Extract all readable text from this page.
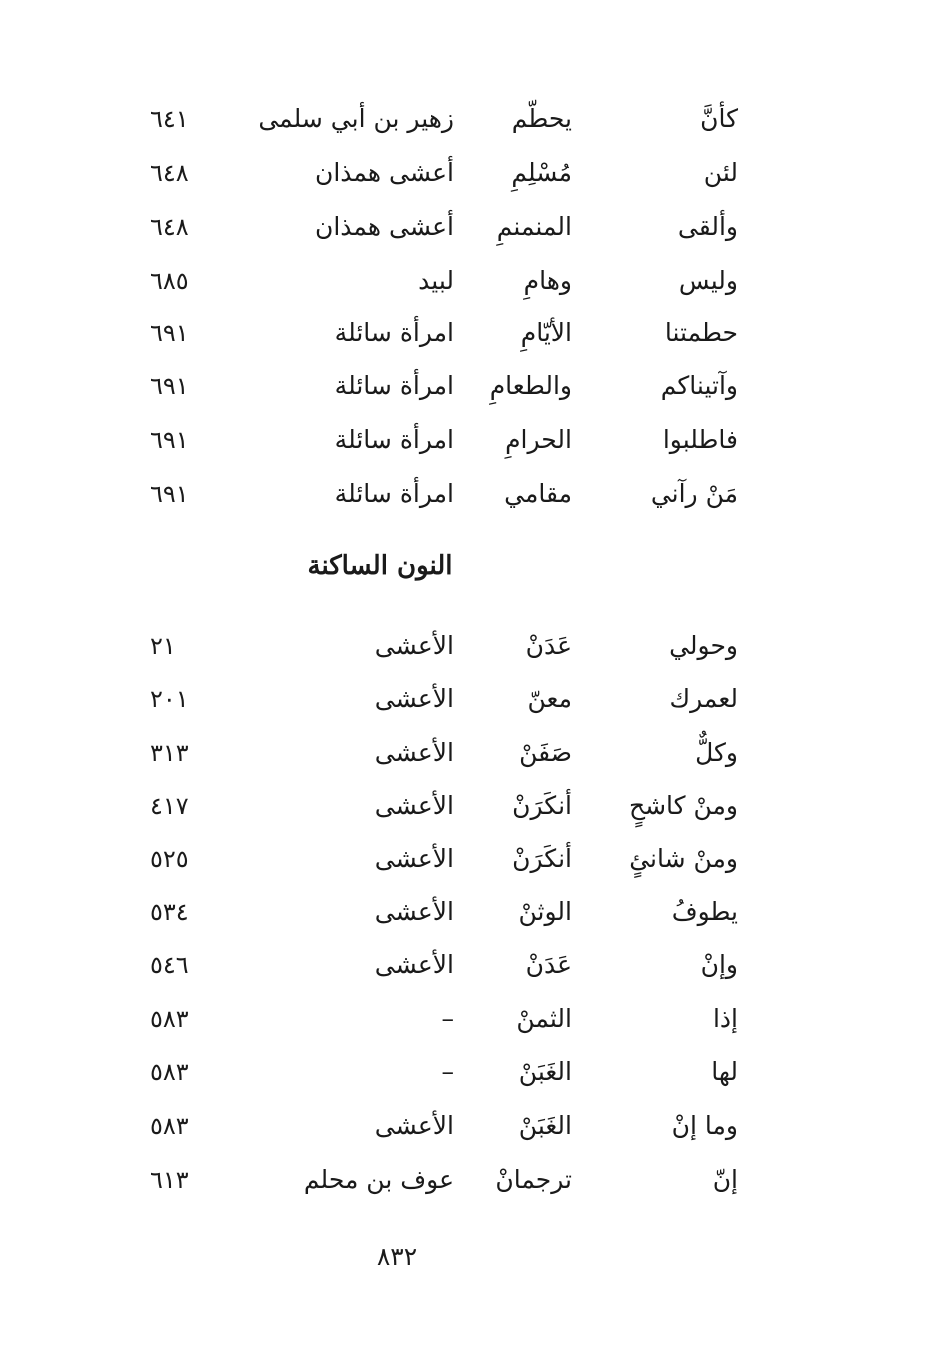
كأنَّ
يحطّم
زهير بن أبي سلمى
٦٤١
لئن
مُسْلِمِ
أعشى همذان
٦٤٨
وألقى
المنمنمِ
أعشى همذان
٦٤٨
وليس
وهامِ
لبيد
٦٨٥
حطمتنا
الأيّامِ
امرأة سائلة
٦٩١
وآتيناكم
والطعامِ
امرأة سائلة
٦٩١
فاطلبوا
الحرامِ
امرأة سائلة
٦٩١
مَنْ رآني
مقامي
امرأة سائلة
٦٩١
النون الساكنة
وحولي
عَدَنْ
الأعشى
٢١
لعمرك
معنّ
الأعشى
٢٠١
وكلٌّ
صَفَنْ
الأعشى
٣١٣
ومنْ كاشحٍ
أنكَرَنْ
الأعشى
٤١٧
ومنْ شانئٍ
أنكَرَنْ
الأعشى
٥٢٥
يطوفُ
الوثنْ
الأعشى
٥٣٤
وإنْ
عَدَنْ
الأعشى
٥٤٦
إذا
الثمنْ
–
٥٨٣
لها
الغَبَنْ
–
٥٨٣
وما إنْ
الغَبَنْ
الأعشى
٥٨٣
إنّ
ترجمانْ
عوف بن محلم
٦١٣
٨٣٢
